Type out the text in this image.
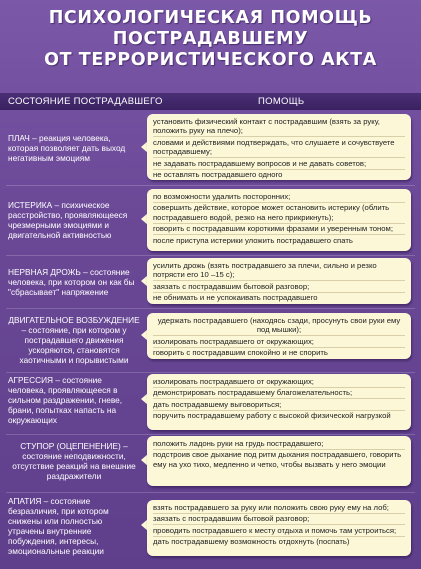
ПСИХОЛОГИЧЕСКАЯ ПОМОЩЬ
ПОСТРАДАВШЕМУ
ОТ ТЕРРОРИСТИЧЕСКОГО АКТА
СОСТОЯНИЕ ПОСТРАДАВШЕГО	ПОМОЩЬ
ПЛАЧ – реакция человека, которая позволяет дать выход негативным эмоциям
установить физический контакт с пострадавшим (взять за руку, положить руку на плечо);
словами и действиями подтверждать, что слушаете и сочувствуете пострадавшему;
не задавать пострадавшему вопросов и не давать советов;
не оставлять пострадавшего одного
ИСТЕРИКА – психическое расстройство, проявляющееся чрезмерными эмоциями и двигательной активностью
по возможности удалить посторонних;
совершить действие, которое может остановить истерику (облить пострадавшего водой, резко на него прикрикнуть);
говорить с пострадавшим короткими фразами и уверенным тоном;
после приступа истерики уложить пострадавшего спать
НЕРВНАЯ ДРОЖЬ – состояние человека, при котором он как бы "сбрасывает" напряжение
усилить дрожь (взять пострадавшего за плечи, сильно и резко потрясти его 10 –15 с);
заязать с пострадавшим бытовой разговор;
не обнимать и не успокаивать пострадавшего
ДВИГАТЕЛЬНОЕ ВОЗБУЖДЕНИЕ – состояние, при котором у пострадавшего движения ускоряются, становятся хаотичными и порывистыми
удержать пострадавшего (находясь сзади, просунуть свои руки ему под мышки);
изолировать пострадавшего от окружающих;
говорить с пострадавшим спокойно и не спорить
АГРЕССИЯ – состояние человека, проявляющееся в сильном раздражении, гневе, брани, попытках напасть на окружающих
изолировать пострадавшего от окружающих;
демонстрировать пострадавшему благожелательность;
дать пострадавшему выговориться;
поручить пострадавшему работу с высокой физической нагрузкой
СТУПОР (ОЦЕПЕНЕНИЕ) – состояние неподвижности, отсутствие реакций на внешние раздражители
положить ладонь руки на грудь пострадавшего;
подстроив свое дыхание под ритм дыхания пострадавшего, говорить ему на ухо тихо, медленно и четко, чтобы вызвать у него эмоции
АПАТИЯ – состояние безразличия, при котором снижены или полностью утрачены внутренние побуждения, интересы, эмоциональные реакции
взять пострадавшего за руку или положить свою руку ему на лоб;
заязать с пострадавшим бытовой разговор;
проводить пострадавшего к месту отдыха и помочь там устроиться;
дать пострадавшему возможность отдохнуть (поспать)
